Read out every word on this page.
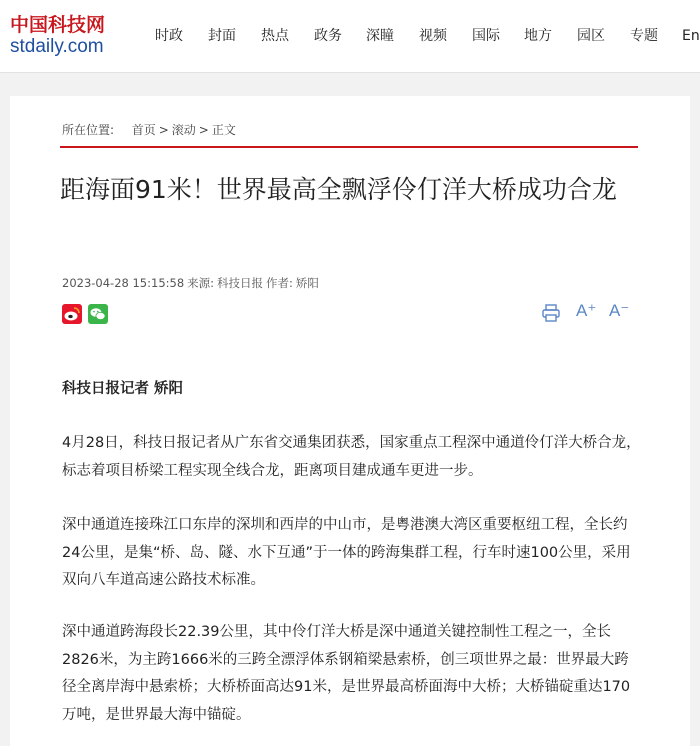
中国科技网
stdaily.com	时政 封面 热点 政务 深瞳 视频 国际 地方 园区 专题 En
所在位置: 首页 > 滚动 > 正文
距海面91米！世界最高全飘浮伶仃洋大桥成功合龙
2023-04-28 15:15:58 来源: 科技日报 作者: 矫阳
A⁺ A⁻
科技日报记者 矫阳

4月28日，科技日报记者从广东省交通集团获悉，国家重点工程深中通道伶仃洋大桥合龙，标志着项目桥梁工程实现全线合龙，距离项目建成通车更进一步。

深中通道连接珠江口东岸的深圳和西岸的中山市，是粤港澳大湾区重要枢纽工程，全长约24公里，是集“桥、岛、隧、水下互通”于一体的跨海集群工程，行车时速100公里，采用双向八车道高速公路技术标准。

深中通道跨海段长22.39公里，其中伶仃洋大桥是深中通道关键控制性工程之一，全长2826米，为主跨1666米的三跨全漂浮体系钢箱梁悬索桥，创三项世界之最：世界最大跨径全离岸海中悬索桥；大桥桥面高达91米，是世界最高桥面海中大桥；大桥锚碇重达170万吨，是世界最大海中锚碇。
